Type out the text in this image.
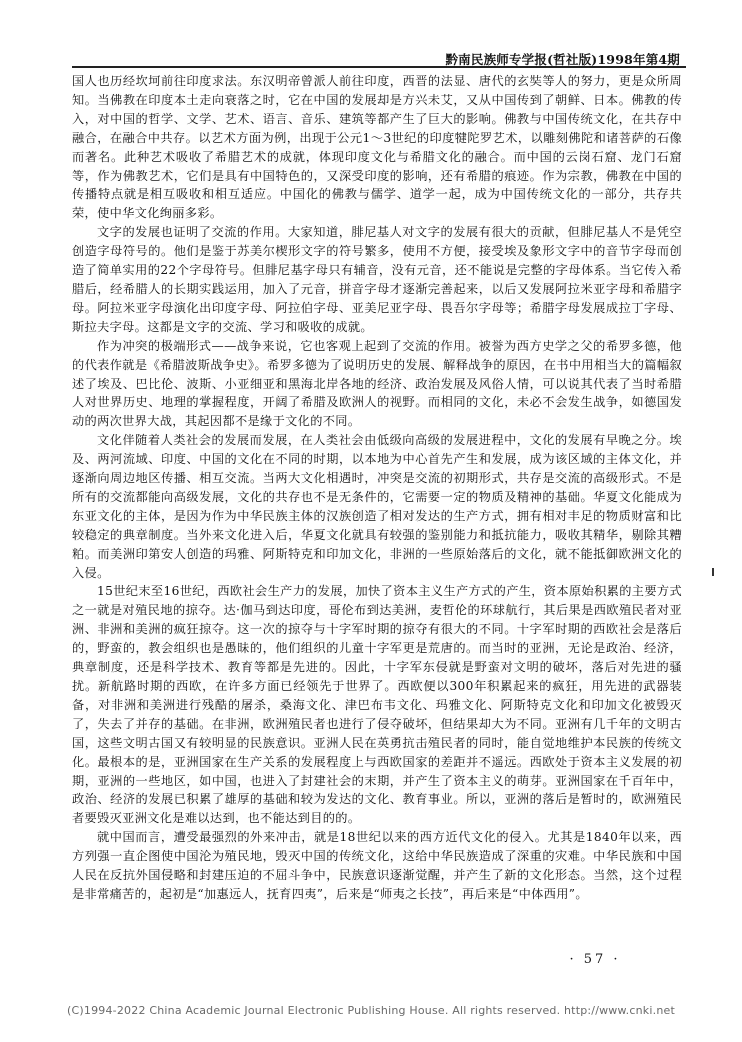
黔南民族师专学报(哲社版)1998年第4期

国人也历经坎坷前往印度求法。东汉明帝曾派人前往印度，西晋的法显、唐代的玄奘等人的努力，更是众所周知。当佛教在印度本土走向衰落之时，它在中国的发展却是方兴未艾，又从中国传到了朝鲜、日本。佛教的传入，对中国的哲学、文学、艺术、语言、音乐、建筑等都产生了巨大的影响。佛教与中国传统文化，在共存中融合，在融合中共存。以艺术方面为例，出现于公元1～3世纪的印度犍陀罗艺术，以雕刻佛陀和诸菩萨的石像而著名。此种艺术吸收了希腊艺术的成就，体现印度文化与希腊文化的融合。而中国的云岗石窟、龙门石窟等，作为佛教艺术，它们是具有中国特色的，又深受印度的影响，还有希腊的痕迹。作为宗教，佛教在中国的传播特点就是相互吸收和相互适应。中国化的佛教与儒学、道学一起，成为中国传统文化的一部分，共存共荣，使中华文化绚丽多彩。

文字的发展也证明了交流的作用。大家知道，腓尼基人对文字的发展有很大的贡献，但腓尼基人不是凭空创造字母符号的。他们是鉴于苏美尔楔形文字的符号繁多，使用不方便，接受埃及象形文字中的音节字母而创造了简单实用的22个字母符号。但腓尼基字母只有辅音，没有元音，还不能说是完整的字母体系。当它传入希腊后，经希腊人的长期实践运用，加入了元音，拼音字母才逐渐完善起来，以后又发展阿拉米亚字母和希腊字母。阿拉米亚字母演化出印度字母、阿拉伯字母、亚美尼亚字母、畏吾尔字母等；希腊字母发展成拉丁字母、斯拉夫字母。这都是文字的交流、学习和吸收的成就。

作为冲突的极端形式——战争来说，它也客观上起到了交流的作用。被誉为西方史学之父的希罗多德，他的代表作就是《希腊波斯战争史》。希罗多德为了说明历史的发展、解释战争的原因，在书中用相当大的篇幅叙述了埃及、巴比伦、波斯、小亚细亚和黑海北岸各地的经济、政治发展及风俗人情，可以说其代表了当时希腊人对世界历史、地理的掌握程度，开阔了希腊及欧洲人的视野。而相同的文化，未必不会发生战争，如德国发动的两次世界大战，其起因都不是缘于文化的不同。

文化伴随着人类社会的发展而发展，在人类社会由低级向高级的发展进程中，文化的发展有早晚之分。埃及、两河流域、印度、中国的文化在不同的时期，以本地为中心首先产生和发展，成为该区域的主体文化，并逐渐向周边地区传播、相互交流。当两大文化相遇时，冲突是交流的初期形式，共存是交流的高级形式。不是所有的交流都能向高级发展，文化的共存也不是无条件的，它需要一定的物质及精神的基础。华夏文化能成为东亚文化的主体，是因为作为中华民族主体的汉族创造了相对发达的生产方式，拥有相对丰足的物质财富和比较稳定的典章制度。当外来文化进入后，华夏文化就具有较强的鉴别能力和抵抗能力，吸收其精华，剔除其糟粕。而美洲印第安人创造的玛雅、阿斯特克和印加文化，非洲的一些原始落后的文化，就不能抵御欧洲文化的入侵。

15世纪末至16世纪，西欧社会生产力的发展，加快了资本主义生产方式的产生，资本原始积累的主要方式之一就是对殖民地的掠夺。达·伽马到达印度，哥伦布到达美洲，麦哲伦的环球航行，其后果是西欧殖民者对亚洲、非洲和美洲的疯狂掠夺。这一次的掠夺与十字军时期的掠夺有很大的不同。十字军时期的西欧社会是落后的，野蛮的，教会组织也是愚昧的，他们组织的儿童十字军更是荒唐的。而当时的亚洲，无论是政治、经济，典章制度，还是科学技术、教育等都是先进的。因此，十字军东侵就是野蛮对文明的破坏，落后对先进的骚扰。新航路时期的西欧，在许多方面已经领先于世界了。西欧便以300年积累起来的疯狂，用先进的武器装备，对非洲和美洲进行残酷的屠杀，桑海文化、津巴布韦文化、玛雅文化、阿斯特克文化和印加文化被毁灭了，失去了并存的基础。在非洲，欧洲殖民者也进行了侵夺破坏，但结果却大为不同。亚洲有几千年的文明古国，这些文明古国又有较明显的民族意识。亚洲人民在英勇抗击殖民者的同时，能自觉地维护本民族的传统文化。最根本的是，亚洲国家在生产关系的发展程度上与西欧国家的差距并不遥远。西欧处于资本主义发展的初期，亚洲的一些地区，如中国，也进入了封建社会的末期，并产生了资本主义的萌芽。亚洲国家在千百年中，政治、经济的发展已积累了雄厚的基础和较为发达的文化、教育事业。所以，亚洲的落后是暂时的，欧洲殖民者要毁灭亚洲文化是难以达到，也不能达到目的的。

就中国而言，遭受最强烈的外来冲击，就是18世纪以来的西方近代文化的侵入。尤其是1840年以来，西方列强一直企图使中国沦为殖民地，毁灭中国的传统文化，这给中华民族造成了深重的灾难。中华民族和中国人民在反抗外国侵略和封建压迫的不屈斗争中，民族意识逐渐觉醒，并产生了新的文化形态。当然，这个过程是非常痛苦的，起初是“加惠远人，抚育四夷”，后来是“师夷之长技”，再后来是“中体西用”。

· 57 ·
(C)1994-2022 China Academic Journal Electronic Publishing House. All rights reserved. http://www.cnki.net
